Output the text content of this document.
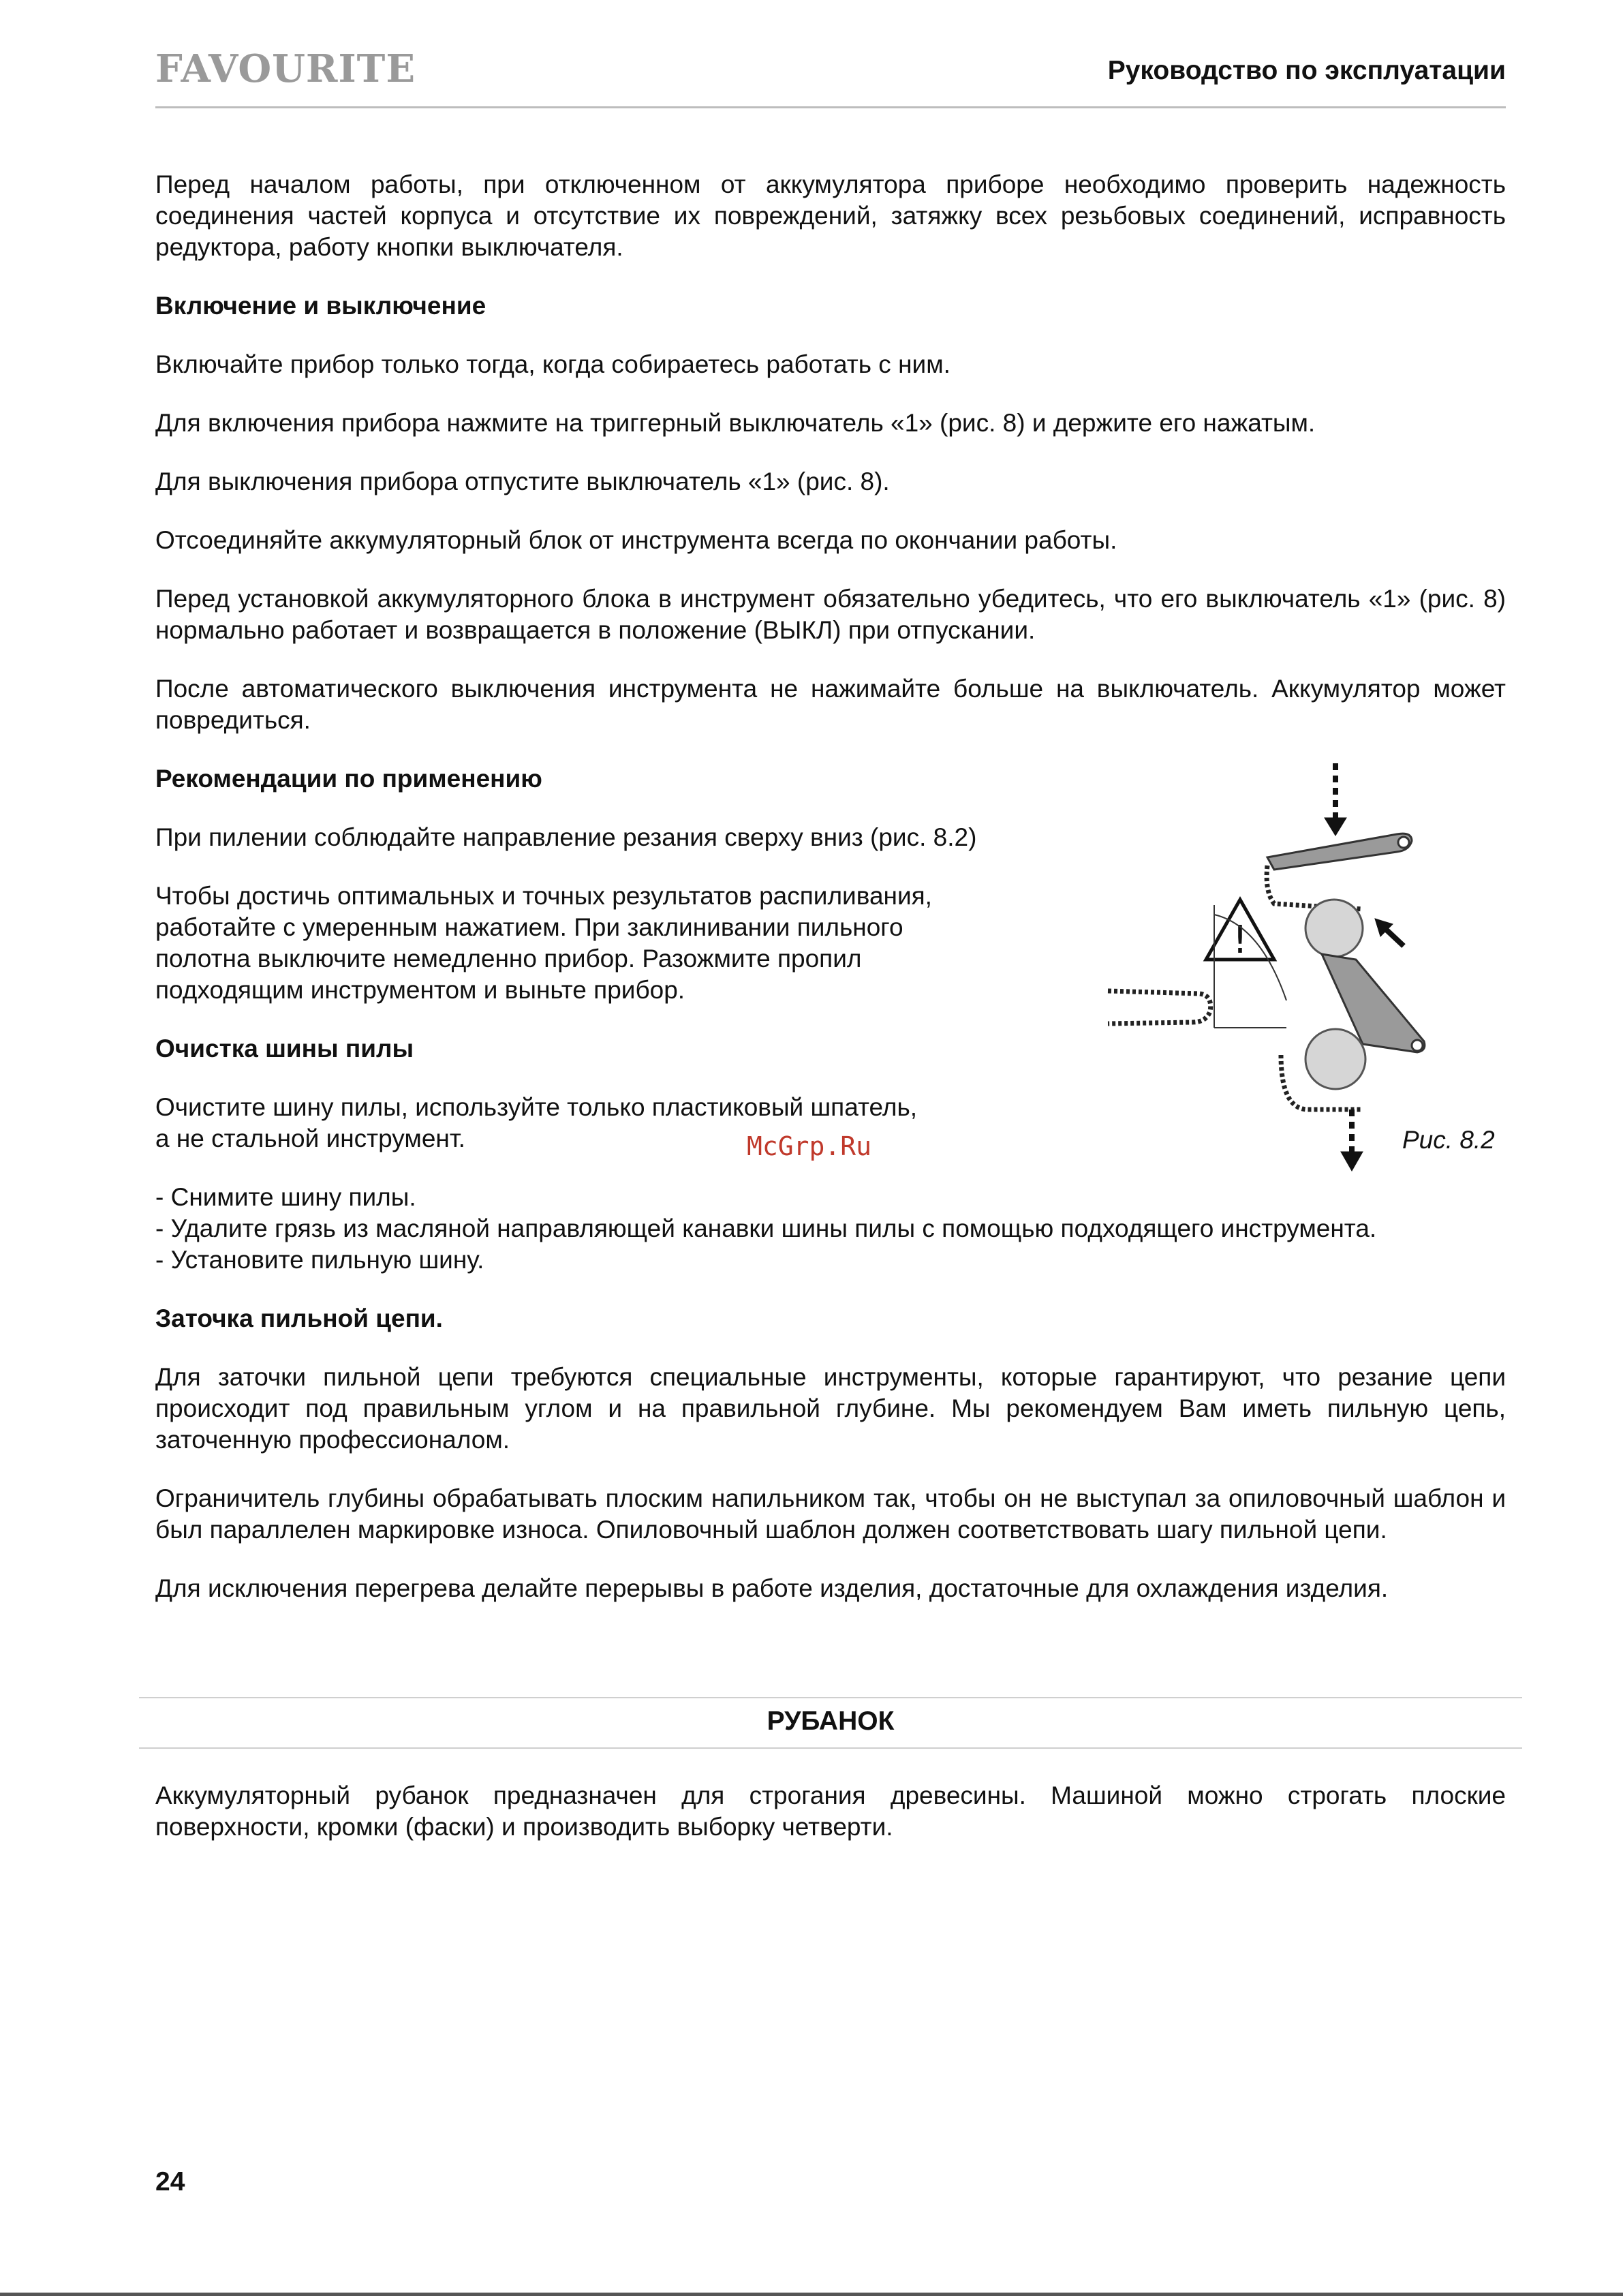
FAVOURITE	Руководство по эксплуатации

Перед началом работы, при отключенном от аккумулятора приборе необходимо проверить надежность соединения частей корпуса и отсутствие их повреждений, затяжку всех резьбовых соединений, исправность редуктора, работу кнопки выключателя.

Включение и выключение

Включайте прибор только тогда, когда собираетесь работать с ним.

Для включения прибора нажмите на триггерный выключатель «1» (рис. 8) и держите его нажатым.

Для выключения прибора отпустите выключатель «1» (рис. 8).

Отсоединяйте аккумуляторный блок от инструмента всегда по окончании работы.

Перед установкой аккумуляторного блока в инструмент обязательно убедитесь, что его выключатель «1» (рис. 8) нормально работает и возвращается в положение (ВЫКЛ) при отпускании.

После автоматического выключения инструмента не нажимайте больше на выключатель. Аккумулятор может повредиться.

Рекомендации по применению

При пилении соблюдайте направление резания сверху вниз (рис. 8.2)

Чтобы достичь оптимальных и точных результатов распиливания,
работайте с умеренным нажатием. При заклинивании пильного
полотна выключите немедленно прибор. Разожмите пропил
подходящим инструментом и выньте прибор.

Очистка шины пилы

Очистите шину пилы, используйте только пластиковый шпатель,
а не стальной инструмент.

- Снимите шину пилы.
- Удалите грязь из масляной направляющей канавки шины пилы с помощью подходящего инструмента.
- Установите пильную шину.

Заточка пильной цепи.

Для заточки пильной цепи требуются специальные инструменты, которые гарантируют, что резание цепи происходит под правильным углом и на правильной глубине. Мы рекомендуем Вам иметь пильную цепь, заточенную профессионалом.

Ограничитель глубины обрабатывать плоским напильником так, чтобы он не выступал за опиловочный шаблон и был параллелен маркировке износа. Опиловочный шаблон должен соответствовать шагу пильной цепи.

Для исключения перегрева делайте перерывы в работе изделия, достаточные для охлаждения изделия.

!
Рис. 8.2
McGrp.Ru
РУБАНОК

Аккумуляторный рубанок предназначен для строгания древесины. Машиной можно строгать плоские поверхности, кромки (фаски) и производить выборку четверти.

24
